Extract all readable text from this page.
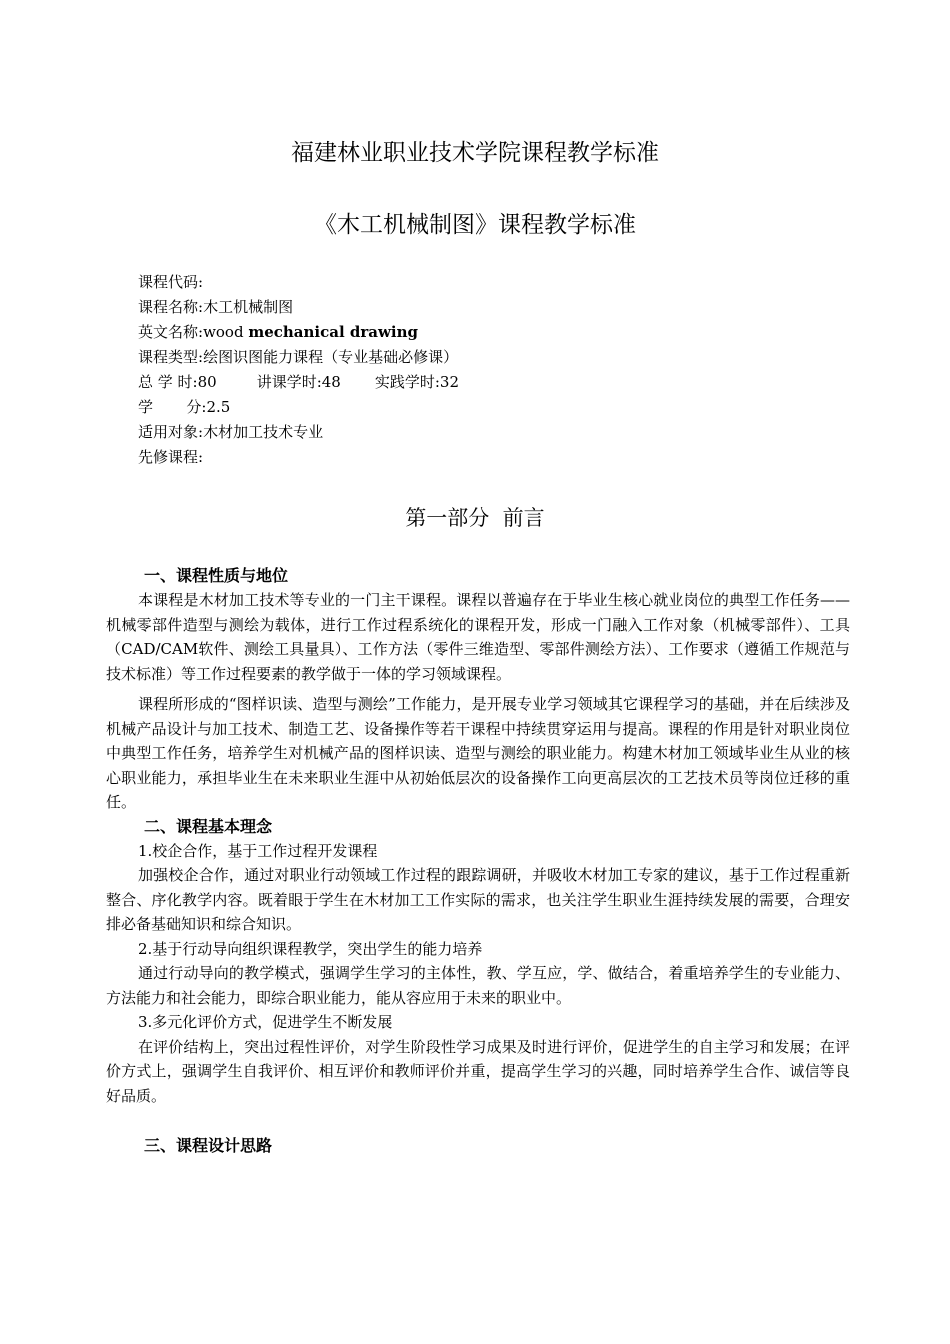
福建林业职业技术学院课程教学标准
《木工机械制图》课程教学标准
课程代码:
课程名称:木工机械制图
英文名称:wood mechanical drawing
课程类型:绘图识图能力课程（专业基础必修课）
总 学 时:80	讲课学时:48 实践学时:32
学       分:2.5
适用对象:木材加工技术专业
先修课程:
第一部分  前言
一、课程性质与地位

本课程是木材加工技术等专业的一门主干课程。课程以普遍存在于毕业生核心就业岗位的典型工作任务——机械零部件造型与测绘为载体，进行工作过程系统化的课程开发，形成一门融入工作对象（机械零部件）、工具（CAD/CAM软件、测绘工具量具）、工作方法（零件三维造型、零部件测绘方法）、工作要求（遵循工作规范与技术标准）等工作过程要素的教学做于一体的学习领域课程。

课程所形成的“图样识读、造型与测绘”工作能力，是开展专业学习领域其它课程学习的基础，并在后续涉及机械产品设计与加工技术、制造工艺、设备操作等若干课程中持续贯穿运用与提高。课程的作用是针对职业岗位中典型工作任务，培养学生对机械产品的图样识读、造型与测绘的职业能力。构建木材加工领域毕业生从业的核心职业能力，承担毕业生在未来职业生涯中从初始低层次的设备操作工向更高层次的工艺技术员等岗位迁移的重任。

二、课程基本理念

1.校企合作，基于工作过程开发课程

加强校企合作，通过对职业行动领域工作过程的跟踪调研，并吸收木材加工专家的建议，基于工作过程重新整合、序化教学内容。既着眼于学生在木材加工工作实际的需求，也关注学生职业生涯持续发展的需要，合理安排必备基础知识和综合知识。

2.基于行动导向组织课程教学，突出学生的能力培养

通过行动导向的教学模式，强调学生学习的主体性，教、学互应，学、做结合，着重培养学生的专业能力、方法能力和社会能力，即综合职业能力，能从容应用于未来的职业中。

3.多元化评价方式，促进学生不断发展

在评价结构上，突出过程性评价，对学生阶段性学习成果及时进行评价，促进学生的自主学习和发展；在评价方式上，强调学生自我评价、相互评价和教师评价并重，提高学生学习的兴趣，同时培养学生合作、诚信等良好品质。

三、课程设计思路
